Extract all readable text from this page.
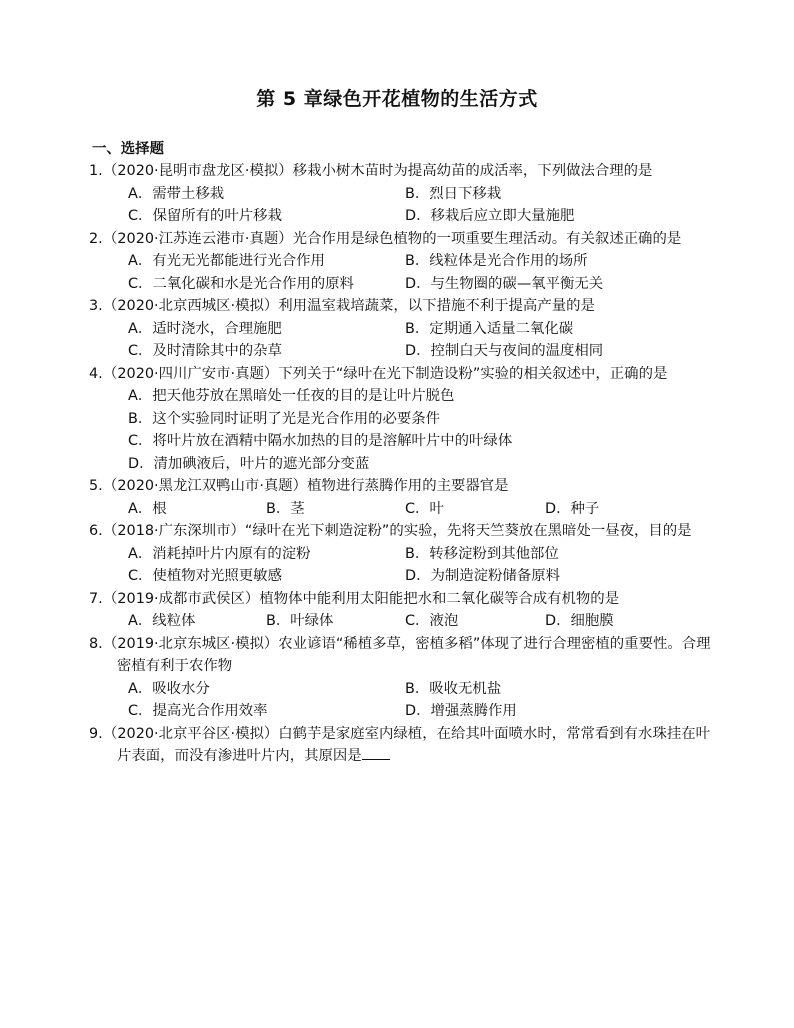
第 5 章绿色开花植物的生活方式
一、选择题
1.（2020·昆明市盘龙区·模拟）移栽小树木苗时为提高幼苗的成活率，下列做法合理的是
A．需带土移栽	B．烈日下移栽
C．保留所有的叶片移栽	D．移栽后应立即大量施肥
2.（2020·江苏连云港市·真题）光合作用是绿色植物的一项重要生理活动。有关叙述正确的是
A．有光无光都能进行光合作用	B．线粒体是光合作用的场所
C．二氧化碳和水是光合作用的原料	D．与生物圈的碳—氧平衡无关
3.（2020·北京西城区·模拟）利用温室栽培蔬菜，以下措施不利于提高产量的是
A．适时浇水，合理施肥	B．定期通入适量二氧化碳
C．及时清除其中的杂草	D．控制白天与夜间的温度相同
4.（2020·四川广安市·真题）下列关于“绿叶在光下制造设粉”实验的相关叙述中，正确的是
A．把天他芬放在黑暗处一任夜的目的是让叶片脱色
B．这个实验同时证明了光是光合作用的必要条件
C．将叶片放在酒精中隔水加热的目的是溶解叶片中的叶绿体
D．清加碘液后，叶片的遮光部分变蓝
5.（2020·黑龙江双鸭山市·真题）植物进行蒸腾作用的主要器官是
A．根	B．茎	C．叶	D．种子
6.（2018·广东深圳市）“绿叶在光下刺造淀粉”的实验，先将天竺葵放在黑暗处一昼夜，目的是
A．消耗掉叶片内原有的淀粉	B．转移淀粉到其他部位
C．使植物对光照更敏感	D．为制造淀粉储备原料
7.（2019·成都市武侯区）植物体中能利用太阳能把水和二氧化碳等合成有机物的是
A．线粒体	B．叶绿体	C．液泡	D．细胞膜
8.（2019·北京东城区·模拟）农业谚语“稀植多草，密植多稻”体现了进行合理密植的重要性。合理密植有利于农作物
A．吸收水分	B．吸收无机盐
C．提高光合作用效率	D．增强蒸腾作用
9.（2020·北京平谷区·模拟）白鹤芋是家庭室内绿植，在给其叶面喷水时，常常看到有水珠挂在叶片表面，而没有渗进叶片内，其原因是
